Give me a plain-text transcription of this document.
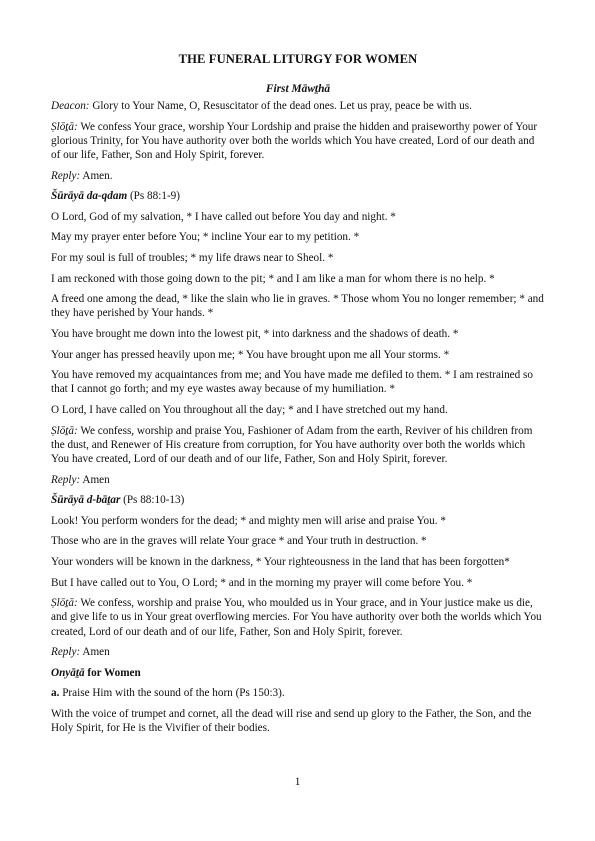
THE FUNERAL LITURGY FOR WOMEN
First Māwṯhā

Deacon: Glory to Your Name, O, Resuscitator of the dead ones. Let us pray, peace be with us.

Ṣlōṯā: We confess Your grace, worship Your Lordship and praise the hidden and praiseworthy power of Your glorious Trinity, for You have authority over both the worlds which You have created, Lord of our death and of our life, Father, Son and Holy Spirit, forever.

Reply: Amen.

Šūrāyā da-qdam (Ps 88:1-9)

O Lord, God of my salvation, * I have called out before You day and night. *

May my prayer enter before You; * incline Your ear to my petition. *

For my soul is full of troubles; * my life draws near to Sheol. *

I am reckoned with those going down to the pit; * and I am like a man for whom there is no help. *

A freed one among the dead, * like the slain who lie in graves. * Those whom You no longer remember; * and they have perished by Your hands. *

You have brought me down into the lowest pit, * into darkness and the shadows of death. *

Your anger has pressed heavily upon me; * You have brought upon me all Your storms. *

You have removed my acquaintances from me; and You have made me defiled to them. * I am restrained so that I cannot go forth; and my eye wastes away because of my humiliation. *

O Lord, I have called on You throughout all the day; * and I have stretched out my hand.

Ṣlōṯā: We confess, worship and praise You, Fashioner of Adam from the earth, Reviver of his children from the dust, and Renewer of His creature from corruption, for You have authority over both the worlds which You have created, Lord of our death and of our life, Father, Son and Holy Spirit, forever.

Reply: Amen

Šūrāyā d-bāṯar (Ps 88:10-13)

Look! You perform wonders for the dead; * and mighty men will arise and praise You. *

Those who are in the graves will relate Your grace * and Your truth in destruction. *

Your wonders will be known in the darkness, * Your righteousness in the land that has been forgotten*

But I have called out to You, O Lord; * and in the morning my prayer will come before You. *

Ṣlōṯā: We confess, worship and praise You, who moulded us in Your grace, and in Your justice make us die, and give life to us in Your great overflowing mercies. For You have authority over both the worlds which You created, Lord of our death and of our life, Father, Son and Holy Spirit, forever.

Reply: Amen

Onyāṯā for Women

a. Praise Him with the sound of the horn (Ps 150:3).

With the voice of trumpet and cornet, all the dead will rise and send up glory to the Father, the Son, and the Holy Spirit, for He is the Vivifier of their bodies.

1
